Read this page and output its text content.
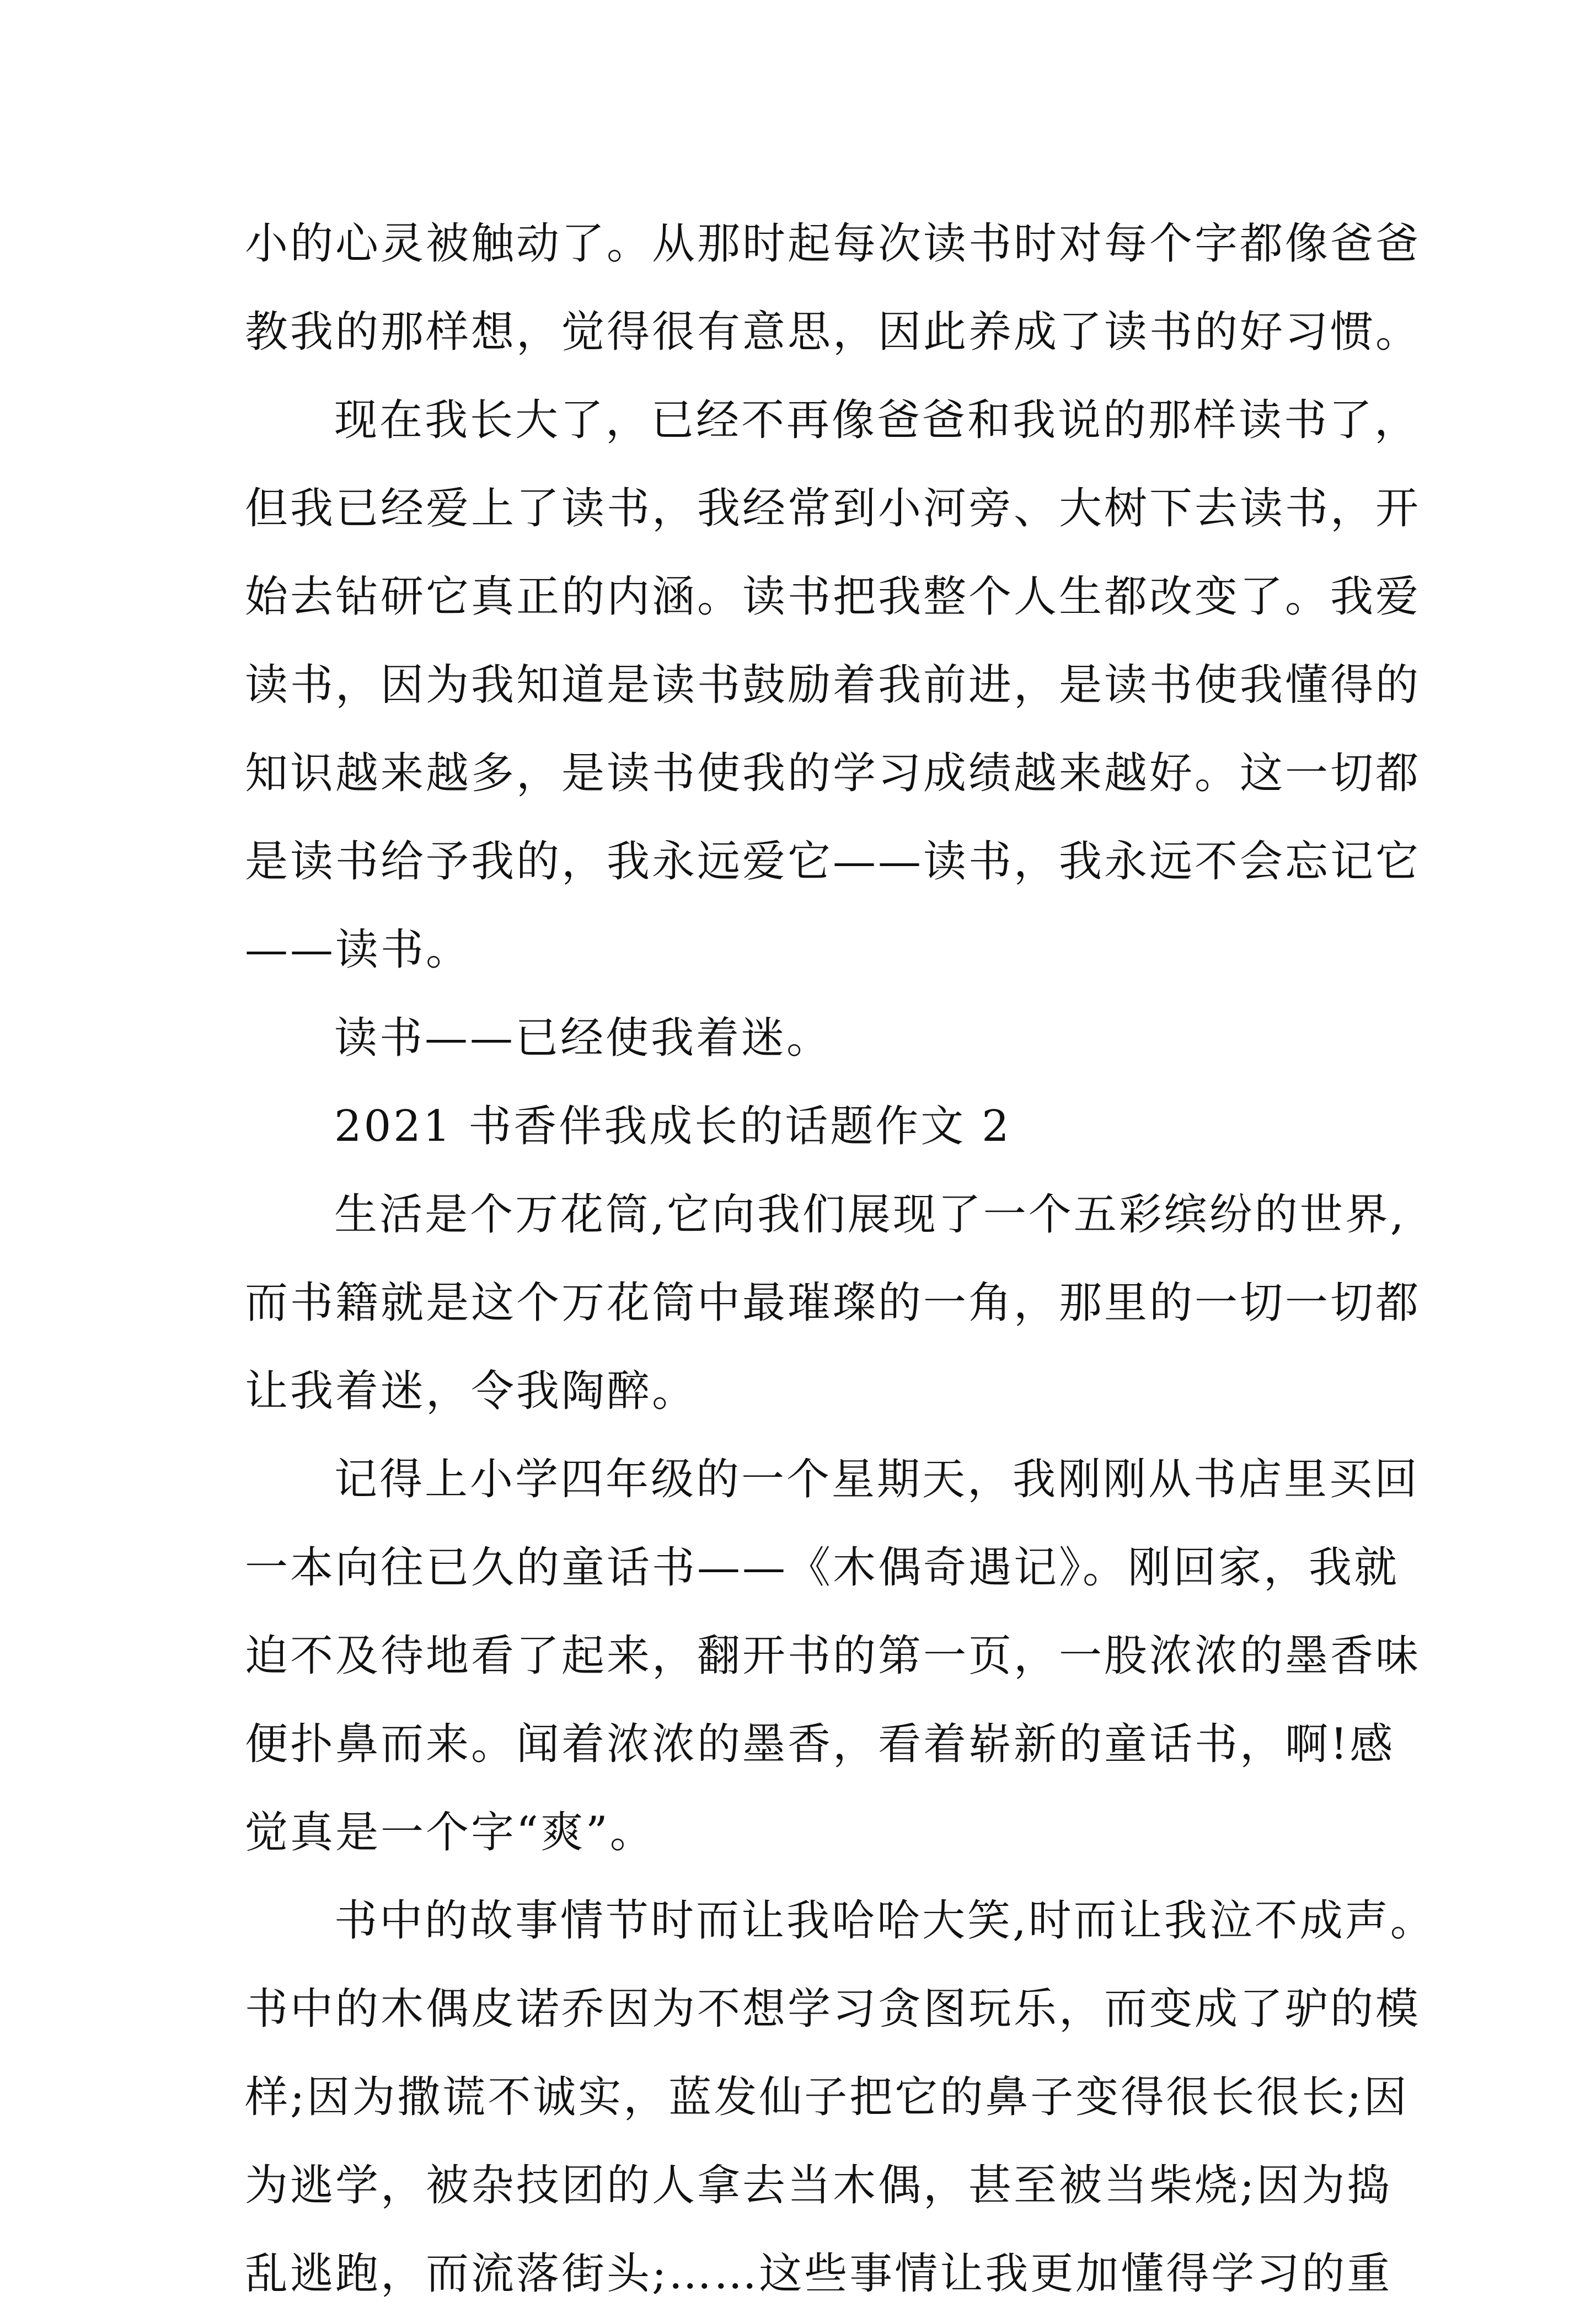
小的心灵被触动了。从那时起每次读书时对每个字都像爸爸
教我的那样想，觉得很有意思，因此养成了读书的好习惯。
现在我长大了，已经不再像爸爸和我说的那样读书了，
但我已经爱上了读书，我经常到小河旁、大树下去读书，开
始去钻研它真正的内涵。读书把我整个人生都改变了。我爱
读书，因为我知道是读书鼓励着我前进，是读书使我懂得的
知识越来越多，是读书使我的学习成绩越来越好。这一切都
是读书给予我的，我永远爱它——读书，我永远不会忘记它
——读书。
读书——已经使我着迷。
2021 书香伴我成长的话题作文 2
生活是个万花筒,它向我们展现了一个五彩缤纷的世界,
而书籍就是这个万花筒中最璀璨的一角，那里的一切一切都
让我着迷，令我陶醉。
记得上小学四年级的一个星期天，我刚刚从书店里买回
一本向往已久的童话书——《木偶奇遇记》。刚回家，我就
迫不及待地看了起来，翻开书的第一页，一股浓浓的墨香味
便扑鼻而来。闻着浓浓的墨香，看着崭新的童话书，啊!感
觉真是一个字“爽”。
书中的故事情节时而让我哈哈大笑,时而让我泣不成声。
书中的木偶皮诺乔因为不想学习贪图玩乐，而变成了驴的模
样;因为撒谎不诚实，蓝发仙子把它的鼻子变得很长很长;因
为逃学，被杂技团的人拿去当木偶，甚至被当柴烧;因为捣
乱逃跑，而流落街头;……这些事情让我更加懂得学习的重
